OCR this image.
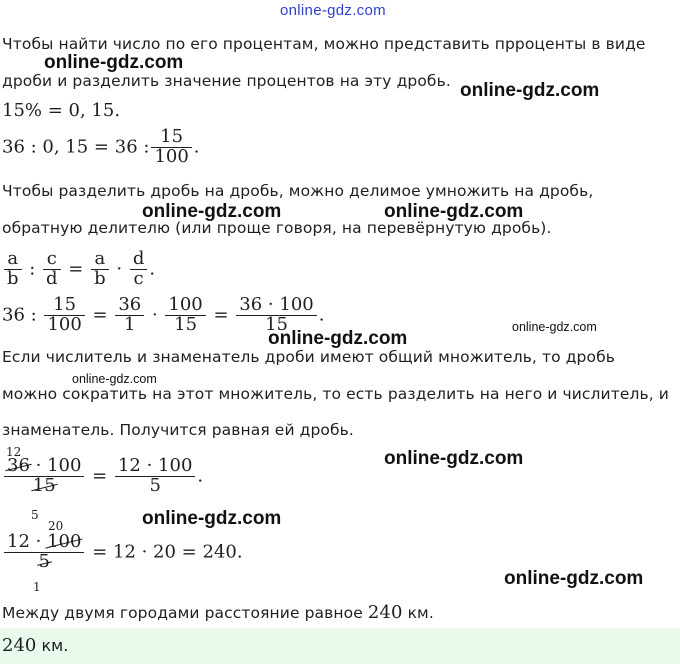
online-gdz.com
Чтобы найти число по его процентам, можно представить прроценты в виде
дроби и разделить значение процентов на эту дробь.
15% = 0, 15.
36 : 0, 15 = 36 : $\frac{15}{100}$ .
Чтобы разделить дробь на дробь, можно делимое умножить на дробь,
обратную делителю (или проще говоря, на перевёрнутую дробь).
$\frac{a}{b}$ : $\frac{c}{d} = \frac{a}{b} \cdot \frac{d}{c}$ .
36 : $\frac{15}{100} = \frac{36}{1} \cdot \frac{100}{15} = \frac{36 \cdot 100}{15}$ .
Если числитель и знаменатель дроби имеют общий множитель, то дробь
можно сократить на этот множитель, то есть разделить на него и числитель, и
знаменатель. Получится равная ей дробь.
$\frac{36 \cdot 100}{15} = \frac{12 \cdot 100}{5}$ .
12
5
$\frac{12 \cdot 100}{5} = 12 \cdot 20 = 240$.
20
1
Между двумя городами расстояние равное 240 км.
240 км.
online-gdz.com
online-gdz.com
online-gdz.com	online-gdz.com
online-gdz.com
online-gdz.com
online-gdz.com
online-gdz.com
online-gdz.com
online-gdz.com
